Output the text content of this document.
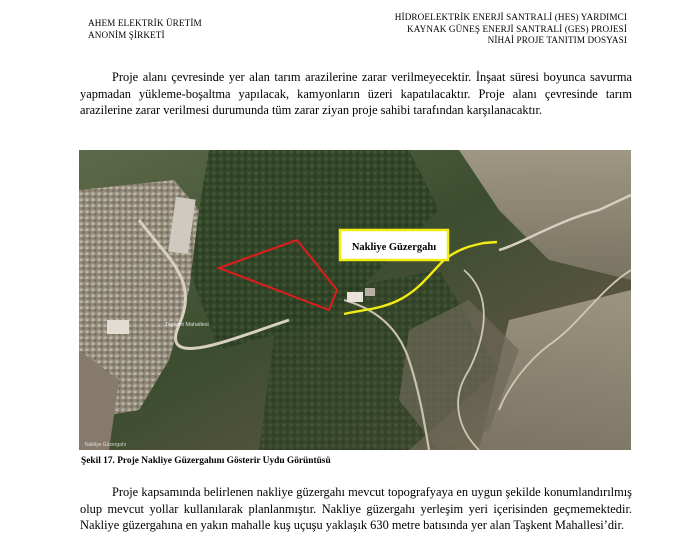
AHEM ELEKTRİK ÜRETİM
ANONİM ŞİRKETİ
HİDROELEKTRİK ENERJİ SANTRALİ (HES) YARDIMCI
KAYNAK GÜNEŞ ENERJİ SANTRALİ (GES) PROJESİ
NİHAİ PROJE TANITIM DOSYASI
Proje alanı çevresinde yer alan tarım arazilerine zarar verilmeyecektir. İnşaat süresi boyunca savurma yapmadan yükleme-boşaltma yapılacak, kamyonların üzeri kapatılacaktır. Proje alanı çevresinde tarım arazilerine zarar verilmesi durumunda tüm zarar ziyan proje sahibi tarafından karşılanacaktır.
Nakliye Güzergahı
Taşkent Mahallesi
Nakliye Güzergahı
Şekil 17. Proje Nakliye Güzergahını Gösterir Uydu Görüntüsü
Proje kapsamında belirlenen nakliye güzergahı mevcut topografyaya en uygun şekilde konumlandırılmış olup mevcut yollar kullanılarak planlanmıştır. Nakliye güzergahı yerleşim yeri içerisinden geçmemektedir. Nakliye güzergahına en yakın mahalle kuş uçuşu yaklaşık 630 metre batısında yer alan Taşkent Mahallesi’dir.
